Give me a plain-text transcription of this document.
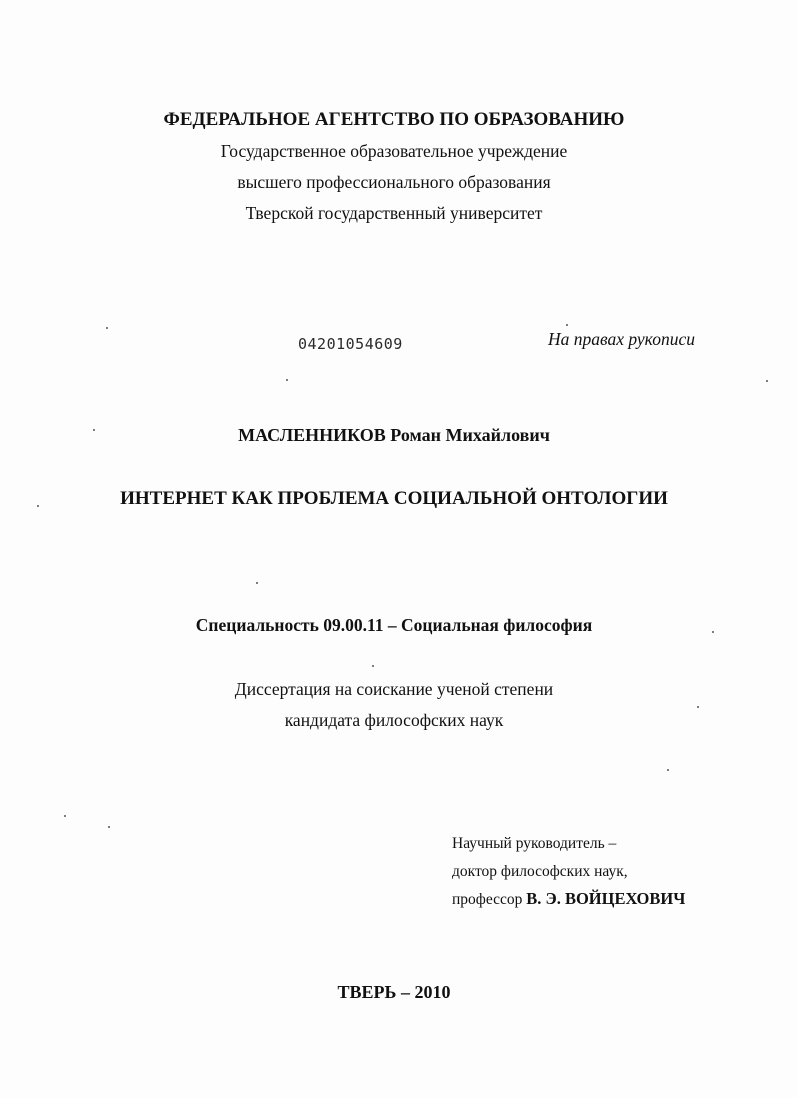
ФЕДЕРАЛЬНОЕ АГЕНТСТВО ПО ОБРАЗОВАНИЮ
Государственное образовательное учреждение
высшего профессионального образования
Тверской государственный университет
04201054609	На правах рукописи
МАСЛЕННИКОВ Роман Михайлович
ИНТЕРНЕТ КАК ПРОБЛЕМА СОЦИАЛЬНОЙ ОНТОЛОГИИ
Специальность 09.00.11 – Социальная философия
Диссертация на соискание ученой степени
кандидата философских наук
Научный руководитель –
доктор философских наук,
профессор В. Э. ВОЙЦЕХОВИЧ
ТВЕРЬ – 2010
